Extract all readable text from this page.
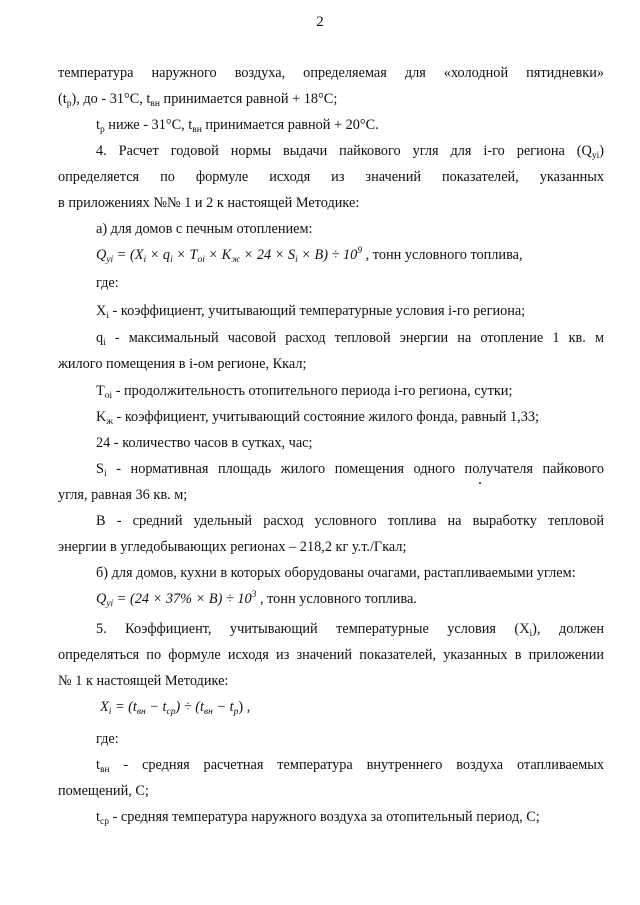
2
температура наружного воздуха, определяемая для «холодной пятидневки»
$(t_р)$, до - 31°С, $t_{вн}$ принимается равной + 18°С;
$t_р$ ниже - 31°С, $t_{вн}$ принимается равной + 20°С.
4. Расчет годовой нормы выдачи пайкового угля для i-го региона $(Q_{yi})$
определяется по формуле исходя из значений показателей, указанных
в приложениях №№ 1 и 2 к настоящей Методике:
а) для домов с печным отоплением:
$Q_{yi} = (X_i \times q_i \times T_{oi} \times K_ж \times 24 \times S_i \times B) \div 10^9$ , тонн условного топлива,
где:
$X_i$ - коэффициент, учитывающий температурные условия i-го региона;
$q_i$ - максимальный часовой расход тепловой энергии на отопление 1 кв. м
жилого помещения в i-ом регионе, Ккал;
$T_{oi}$ - продолжительность отопительного периода i-го региона, сутки;
$K_ж$ - коэффициент, учитывающий состояние жилого фонда, равный 1,33;
24 - количество часов в сутках, час;
$S_i$ - нормативная площадь жилого помещения одного получателя пайкового
угля, равная 36 кв. м;
B - средний удельный расход условного топлива на выработку тепловой
энергии в угледобывающих регионах – 218,2 кг у.т./Гкал;
б) для домов, кухни в которых оборудованы очагами, растапливаемыми углем:
$Q_{yi} = (24 \times 37\% \times B) \div 10^3$ , тонн условного топлива.
5. Коэффициент, учитывающий температурные условия $(X_i)$, должен
определяться по формуле исходя из значений показателей, указанных в приложении
№ 1 к настоящей Методике:
$X_i = (t_{вн} - t_{ср}) \div (t_{вн} - t_р)$ ,
где:
$t_{вн}$ - средняя расчетная температура внутреннего воздуха отапливаемых
помещений, С;
$t_{ср}$ - средняя температура наружного воздуха за отопительный период, С;
